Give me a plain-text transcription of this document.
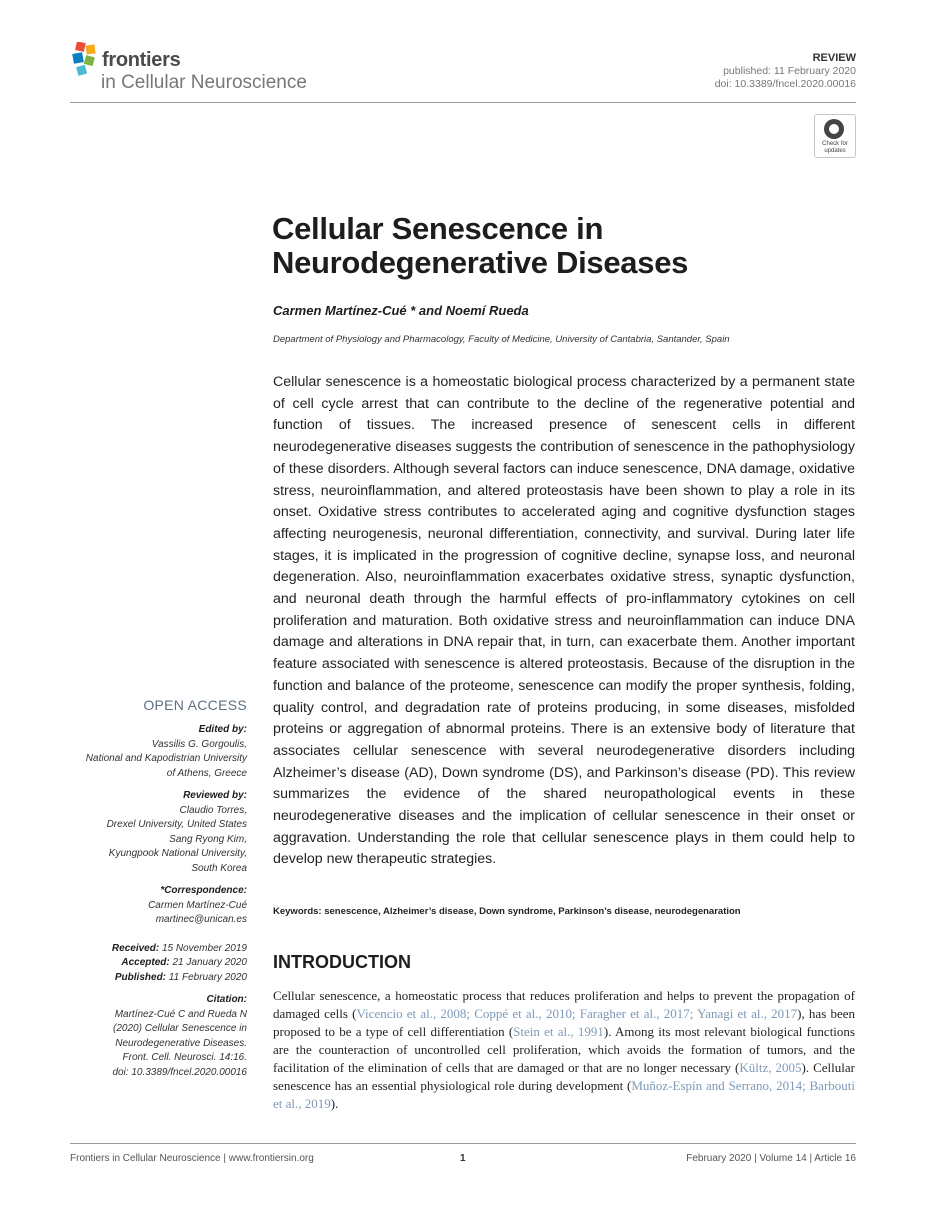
frontiers
in Cellular Neuroscience
REVIEW
published: 11 February 2020
doi: 10.3389/fncel.2020.00016
Check for updates
Cellular Senescence in Neurodegenerative Diseases
Carmen Martínez-Cué * and Noemí Rueda
Department of Physiology and Pharmacology, Faculty of Medicine, University of Cantabria, Santander, Spain

Cellular senescence is a homeostatic biological process characterized by a permanent state of cell cycle arrest that can contribute to the decline of the regenerative potential and function of tissues. The increased presence of senescent cells in different neurodegenerative diseases suggests the contribution of senescence in the pathophysiology of these disorders. Although several factors can induce senescence, DNA damage, oxidative stress, neuroinflammation, and altered proteostasis have been shown to play a role in its onset. Oxidative stress contributes to accelerated aging and cognitive dysfunction stages affecting neurogenesis, neuronal differentiation, connectivity, and survival. During later life stages, it is implicated in the progression of cognitive decline, synapse loss, and neuronal degeneration. Also, neuroinflammation exacerbates oxidative stress, synaptic dysfunction, and neuronal death through the harmful effects of pro-inflammatory cytokines on cell proliferation and maturation. Both oxidative stress and neuroinflammation can induce DNA damage and alterations in DNA repair that, in turn, can exacerbate them. Another important feature associated with senescence is altered proteostasis. Because of the disruption in the function and balance of the proteome, senescence can modify the proper synthesis, folding, quality control, and degradation rate of proteins producing, in some diseases, misfolded proteins or aggregation of abnormal proteins. There is an extensive body of literature that associates cellular senescence with several neurodegenerative disorders including Alzheimer’s disease (AD), Down syndrome (DS), and Parkinson’s disease (PD). This review summarizes the evidence of the shared neuropathological events in these neurodegenerative diseases and the implication of cellular senescence in their onset or aggravation. Understanding the role that cellular senescence plays in them could help to develop new therapeutic strategies.

Keywords: senescence, Alzheimer’s disease, Down syndrome, Parkinson’s disease, neurodegenaration
INTRODUCTION

Cellular senescence, a homeostatic process that reduces proliferation and helps to prevent the propagation of damaged cells (Vicencio et al., 2008; Coppé et al., 2010; Faragher et al., 2017; Yanagi et al., 2017), has been proposed to be a type of cell differentiation (Stein et al., 1991). Among its most relevant biological functions are the counteraction of uncontrolled cell proliferation, which avoids the formation of tumors, and the facilitation of the elimination of cells that are damaged or that are no longer necessary (Kültz, 2005). Cellular senescence has an essential physiological role during development (Muñoz-Espín and Serrano, 2014; Barbouti et al., 2019).

OPEN ACCESS
Edited by:
Vassilis G. Gorgoulis,
National and Kapodistrian University
of Athens, Greece
Reviewed by:
Claudio Torres,
Drexel University, United States
Sang Ryong Kim,
Kyungpook National University,
South Korea
*Correspondence:
Carmen Martínez-Cué
martinec@unican.es
Received: 15 November 2019
Accepted: 21 January 2020
Published: 11 February 2020
Citation:
Martínez-Cué C and Rueda N
(2020) Cellular Senescence in
Neurodegenerative Diseases.
Front. Cell. Neurosci. 14:16.
doi: 10.3389/fncel.2020.00016
Frontiers in Cellular Neuroscience | www.frontiersin.org	1	February 2020 | Volume 14 | Article 16
